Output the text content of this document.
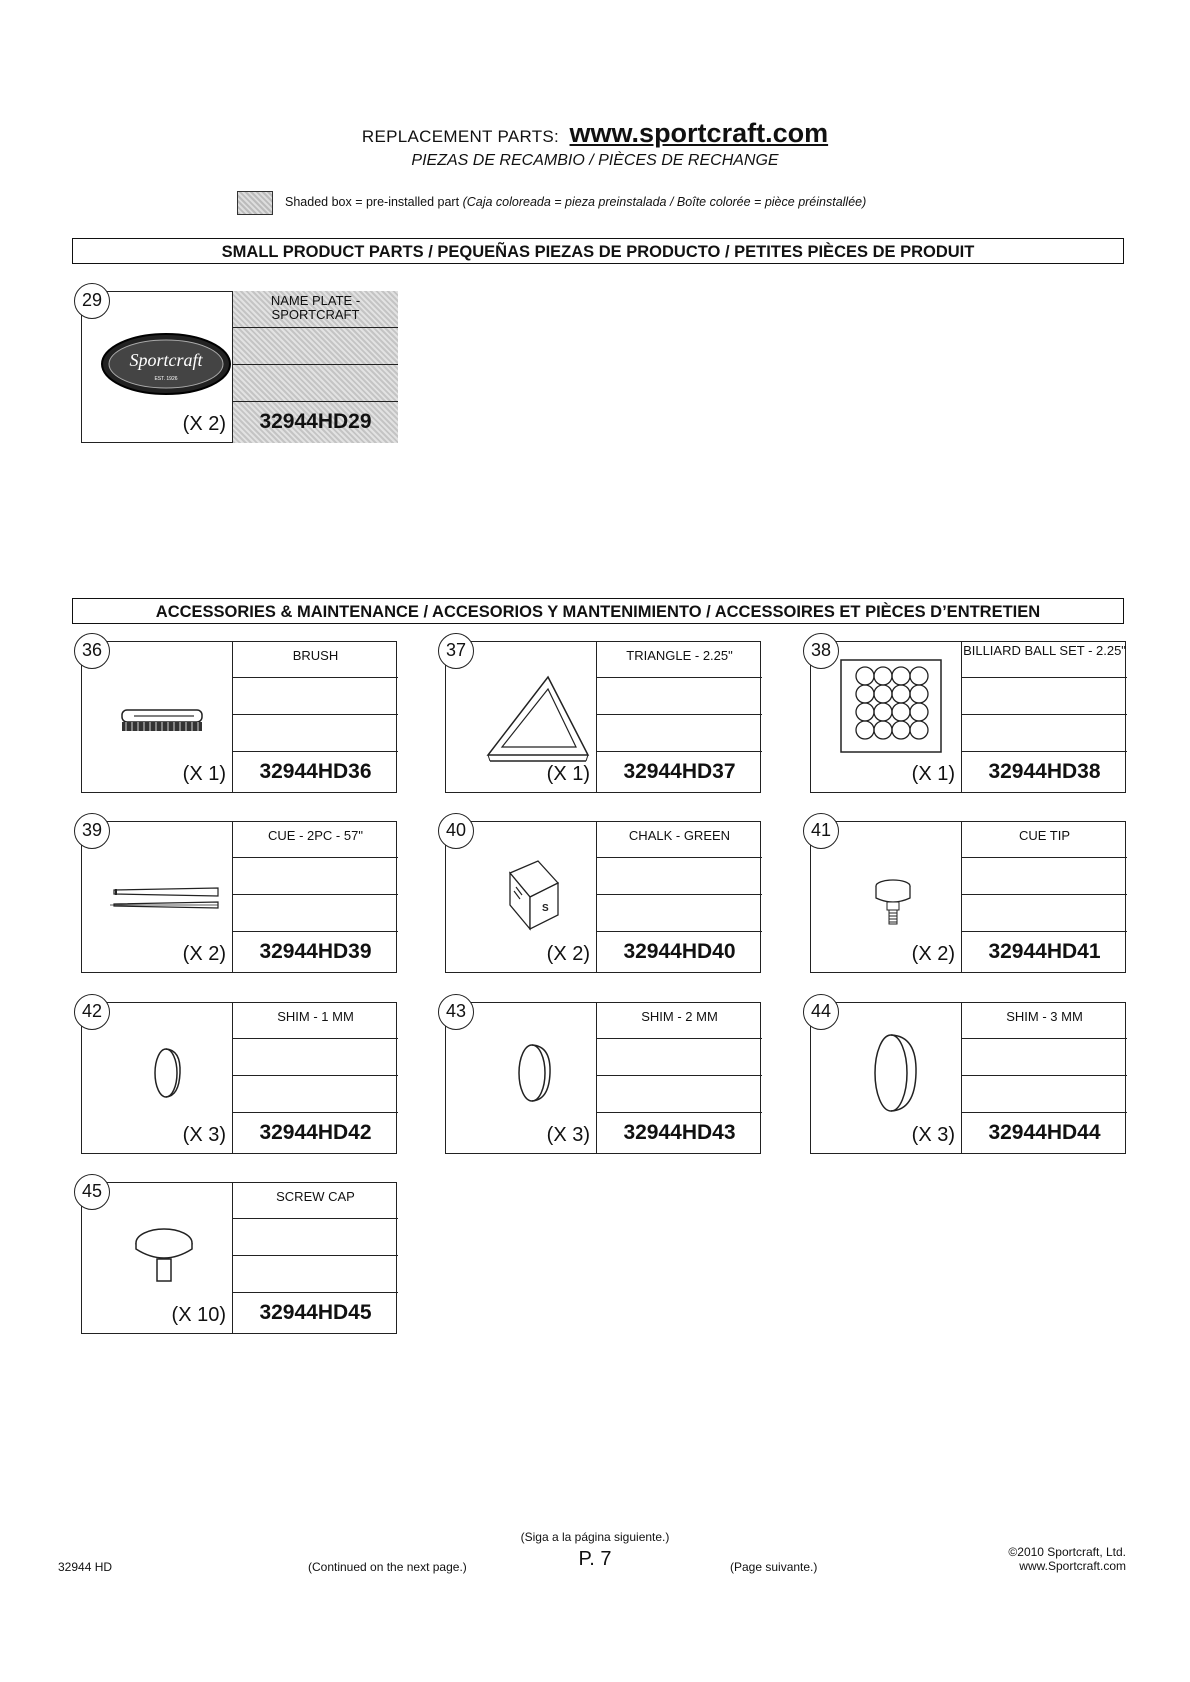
REPLACEMENT PARTS: www.sportcraft.com
PIEZAS DE RECAMBIO / PIÈCES DE RECHANGE
Shaded box = pre-installed part (Caja coloreada = pieza preinstalada / Boîte colorée = pièce préinstallée)
SMALL PRODUCT PARTS / PEQUEÑAS PIEZAS DE PRODUCTO / PETITES PIÈCES DE PRODUIT
ACCESSORIES & MAINTENANCE / ACCESORIOS Y MANTENIMIENTO / ACCESSOIRES ET PIÈCES D’ENTRETIEN
29
Sportcraft
EST. 1926
(X 2)
NAME PLATE - SPORTCRAFT
32944HD29
36
(X 1)
BRUSH
32944HD36
37
(X 1)
TRIANGLE - 2.25"
32944HD37
38
(X 1)
BILLIARD BALL SET - 2.25"
32944HD38
39
(X 2)
CUE - 2PC - 57"
32944HD39
40
S
(X 2)
CHALK - GREEN
32944HD40
41
(X 2)
CUE TIP
32944HD41
42
(X 3)
SHIM - 1 MM
32944HD42
43
(X 3)
SHIM - 2 MM
32944HD43
44
(X 3)
SHIM - 3 MM
32944HD44
45
(X 10)
SCREW CAP
32944HD45
32944 HD	(Continued on the next page.)
(Siga a la página siguiente.)
P. 7	(Page suivante.)
©2010 Sportcraft, Ltd.
www.Sportcraft.com
